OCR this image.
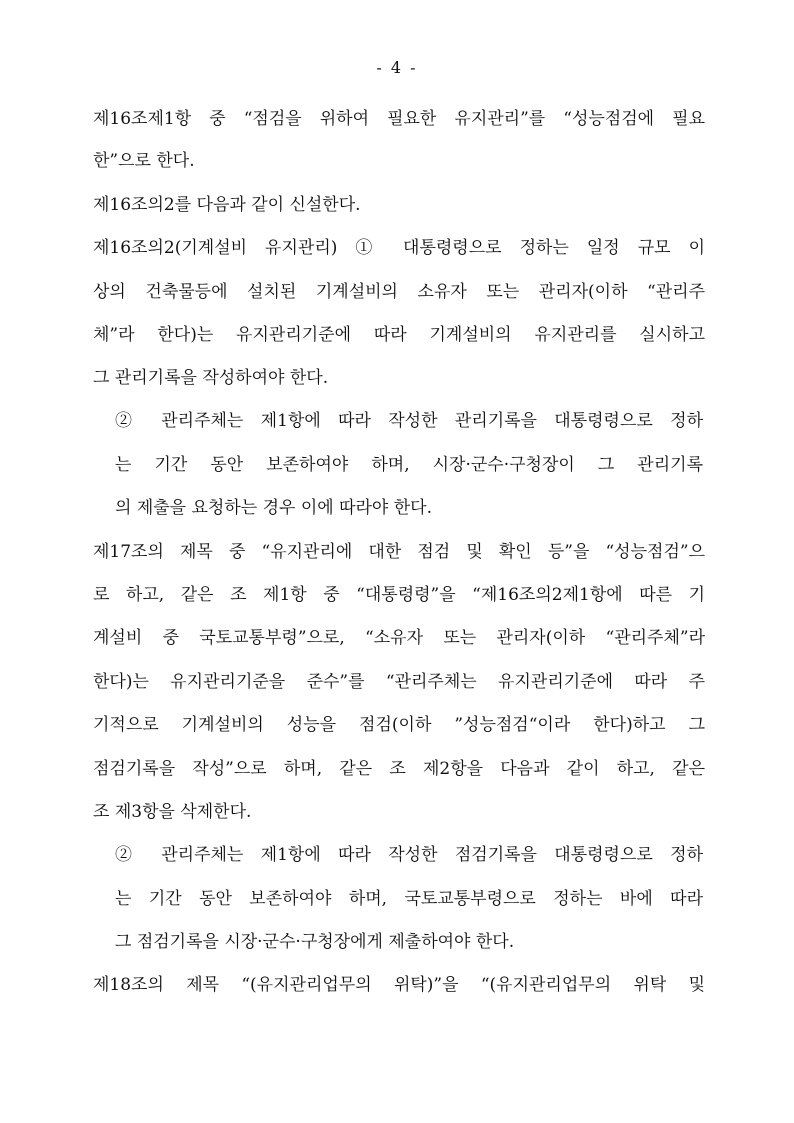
- 4 -
제16조제1항 중 “점검을 위하여 필요한 유지관리”를 “성능점검에 필요
한”으로 한다.
제16조의2를 다음과 같이 신설한다.
제16조의2(기계설비 유지관리) ① 대통령령으로 정하는 일정 규모 이
상의 건축물등에 설치된 기계설비의 소유자 또는 관리자(이하 “관리주
체”라 한다)는 유지관리기준에 따라 기계설비의 유지관리를 실시하고
그 관리기록을 작성하여야 한다.
② 관리주체는 제1항에 따라 작성한 관리기록을 대통령령으로 정하
는 기간 동안 보존하여야 하며, 시장·군수·구청장이 그 관리기록
의 제출을 요청하는 경우 이에 따라야 한다.
제17조의 제목 중 “유지관리에 대한 점검 및 확인 등”을 “성능점검”으
로 하고, 같은 조 제1항 중 “대통령령”을 “제16조의2제1항에 따른 기
계설비 중 국토교통부령”으로, “소유자 또는 관리자(이하 “관리주체”라
한다)는 유지관리기준을 준수”를 “관리주체는 유지관리기준에 따라 주
기적으로 기계설비의 성능을 점검(이하 ”성능점검“이라 한다)하고 그
점검기록을 작성”으로 하며, 같은 조 제2항을 다음과 같이 하고, 같은
조 제3항을 삭제한다.
② 관리주체는 제1항에 따라 작성한 점검기록을 대통령령으로 정하
는 기간 동안 보존하여야 하며, 국토교통부령으로 정하는 바에 따라
그 점검기록을 시장·군수·구청장에게 제출하여야 한다.
제18조의 제목 “(유지관리업무의 위탁)”을 “(유지관리업무의 위탁 및
